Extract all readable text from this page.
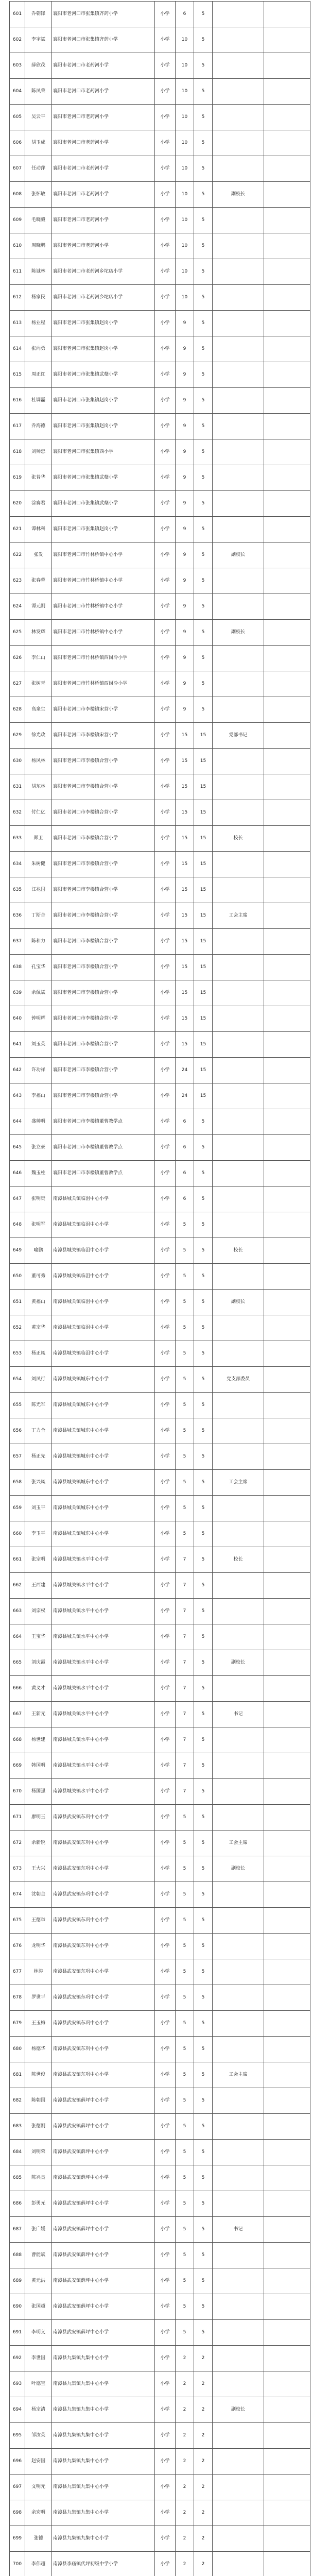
601	乔朝锋	襄阳市老河口市张集镇齐药小学	小学	6	5		
602	李宇斌	襄阳市老河口市张集镇齐药小学	小学	10	5		
603	薛欣茂	襄阳市老河口市老药河小学	小学	10	5		
604	陈凤荣	襄阳市老河口市老药河小学	小学	10	5		
605	吴云平	襄阳市老河口市老药河小学	小学	10	5		
606	胡玉成	襄阳市老河口市老药河小学	小学	10	5		
607	任动萍	襄阳市老河口市老药河小学	小学	10	5		
608	张怀敏	襄阳市老河口市老药河小学	小学	10	5	副校长	
609	毛晓毅	襄阳市老河口市老药河小学	小学	10	5		
610	周晓鹏	襄阳市老河口市老药河小学	小学	10	5		
611	陈诚林	襄阳市老河口市老药河乡坨店小学	小学	10	5		
612	杨家民	襄阳市老河口市老药河乡坨店小学	小学	10	5		
613	杨业程	襄阳市老河口市张集镇赵岗小学	小学	9	5		
614	张向勇	襄阳市老河口市张集镇赵岗小学	小学	9	5		
615	周正红	襄阳市老河口市张集镇武蘖小学	小学	9	5		
616	杜调磊	襄阳市老河口市张集镇赵岗小学	小学	9	5		
617	乔海德	襄阳市老河口市张集镇赵岗小学	小学	9	5		
618	刘帅忠	襄阳市老河口市张集镇西小学	小学	9	5		
619	张普华	襄阳市老河口市张集镇武蘖小学	小学	9	5		
620	涂赛君	襄阳市老河口市张集镇武蘖小学	小学	9	5		
621	谭林科	襄阳市老河口市张集镇赵岗小学	小学	9	5		
622	张发	襄阳市老河口市竹林桥镇中心小学	小学	9	5	副校长	
623	张春蓉	襄阳市老河口市竹林桥镇中心小学	小学	9	5		
624	谭元刚	襄阳市老河口市竹林桥镇中心小学	小学	9	5		
625	林发辉	襄阳市老河口市竹林桥镇中心小学	小学	9	5	副校长	
626	李仁山	襄阳市老河口市竹林桥镇西岗冷小学	小学	9	5		
627	张树青	襄阳市老河口市竹林桥镇西岗冷小学	小学	9	5		
628	高泉生	襄阳市老河口市李楼镇宋营小学	小学	9	5		
629	徐光政	襄阳市老河口市李楼镇宋营小学	小学	15	15	党部书记	
630	杨风林	襄阳市老河口市李楼镇合营小学	小学	15	15		
631	胡东林	襄阳市老河口市李楼镇合营小学	小学	15	15		
632	付仁亿	襄阳市老河口市李楼镇合营小学	小学	15	15		
633	郑卫	襄阳市老河口市李楼镇合营小学	小学	15	15	校长	
634	朱树健	襄阳市老河口市李楼镇合营小学	小学	15	15		
635	江兆国	襄阳市老河口市李楼镇合营小学	小学	15	15		
636	丁斯合	襄阳市老河口市李楼镇合营小学	小学	15	15	工会主席	
637	陈和力	襄阳市老河口市李楼镇合营小学	小学	15	15		
638	孔宝华	襄阳市老河口市李楼镇合营小学	小学	15	15		
639	余佩斌	襄阳市老河口市李楼镇合营小学	小学	15	15		
640	钟明辉	襄阳市老河口市李楼镇合营小学	小学	15	15		
641	刘玉英	襄阳市老河口市李楼镇合营小学	小学	15	15		
642	许功祥	襄阳市老河口市李楼镇合营小学	小学	24	15		
643	李福山	襄阳市老河口市李楼镇合营小学	小学	24	15		
644	盛帅明	襄阳市老河口市李楼镇董曹教学点	小学	6	5		
645	张立豪	襄阳市老河口市李楼镇董曹教学点	小学	6	5		
646	魏玉柱	襄阳市老河口市李楼镇董曹教学点	小学	6	5		
647	张明贵	南漳县城关镇临沮中心小学	小学	6	5		
648	张明军	南漳县城关镇临沮中心小学	小学	5	5		
649	喻鹏	南漳县城关镇临沮中心小学	小学	5	5	校长	
650	董可秀	南漳县城关镇临沮中心小学	小学	5	5		
651	黄福山	南漳县城关镇临沮中心小学	小学	5	5	副校长	
652	黄宗华	南漳县城关镇临沮中心小学	小学	5	5		
653	杨正凤	南漳县城关镇临沮中心小学	小学	5	5		
654	刘凤行	南漳县城关镇城东中心小学	小学	5	5	党支部委员	
655	陈光军	南漳县城关镇城东中心小学	小学	5	5		
656	丁力全	南漳县城关镇城东中心小学	小学	5	5		
657	杨正先	南漳县城关镇城东中心小学	小学	5	5		
658	张兴凤	南漳县城关镇城东中心小学	小学	5	5	工会主席	
659	刘玉平	南漳县城关镇城东中心小学	小学	5	5		
660	李玉平	南漳县城关镇城东中心小学	小学	5	5		
661	张宗明	南漳县城关镇水平中心小学	小学	7	5	校长	
662	王西建	南漳县城关镇水平中心小学	小学	7	5		
663	刘宗权	南漳县城关镇水平中心小学	小学	7	5		
664	王宝华	南漳县城关镇水平中心小学	小学	7	5		
665	刘庆霞	南漳县城关镇水平中心小学	小学	7	5	副校长	
666	黄义才	南漳县城关镇水平中心小学	小学	7	5		
667	王新元	南漳县城关镇水平中心小学	小学	7	5	书记	
668	杨世建	南漳县城关镇水平中心小学	小学	7	5		
669	韩国明	南漳县城关镇水平中心小学	小学	7	5		
670	杨国强	南漳县城关镇水平中心小学	小学	7	5		
671	廖明玉	南漳县武安镇东巩中心小学	小学	5	5		
672	余新锐	南漳县武安镇东巩中心小学	小学	5	5	工会主席	
673	王大兴	南漳县武安镇东巩中心小学	小学	5	5	副校长	
674	沈朝金	南漳县武安镇东巩中心小学	小学	5	5		
675	王德举	南漳县武安镇东巩中心小学	小学	5	5		
676	龙明华	南漳县武安镇东巩中心小学	小学	5	5		
677	林涛	南漳县武安镇东巩中心小学	小学	5	5		
678	罗世平	南漳县武安镇东巩中心小学	小学	5	5		
679	王玉梅	南漳县武安镇东巩中心小学	小学	5	5		
680	杨德华	南漳县武安镇东巩中心小学	小学	5	5		
681	陈世俊	南漳县武安镇东巩中心小学	小学	5	5	工会主席	
682	陈朝国	南漳县武安镇薛坪中心小学	小学	5	5		
683	张德刚	南漳县武安镇薛坪中心小学	小学	5	5		
684	刘明荣	南漳县武安镇薛坪中心小学	小学	5	5		
685	陈兴良	南漳县武安镇薛坪中心小学	小学	5	5		
686	彭勇元	南漳县武安镇薛坪中心小学	小学	5	5		
687	张广媛	南漳县武安镇薛坪中心小学	小学	5	5	书记	
688	曹能斌	南漳县武安镇薛坪中心小学	小学	5	5		
689	黄元洪	南漳县武安镇薛坪中心小学	小学	5	5		
690	张国超	南漳县武安镇薛坪中心小学	小学	5	5		
691	李明义	南漳县武安镇薛坪中心小学	小学	5	5		
692	李世国	南漳县九集镇九集中心小学	小学	2	2		
693	叶德宝	南漳县九集镇九集中心小学	小学	2	2		
694	杨宗清	南漳县九集镇九集中心小学	小学	2	2	副校长	
695	邹汝英	南漳县九集镇九集中心小学	小学	2	2		
696	赵安国	南漳县九集镇九集中心小学	小学	2	2		
697	文明元	南漳县九集镇九集中心小学	小学	2	2		
698	余宏明	南漳县九集镇九集中心小学	小学	2	2		
699	张德	南漳县九集镇九集中心小学	小学	2	2		
700	李伟超	南漳县李庙镇代坪初级中学小学	小学	2	2		
